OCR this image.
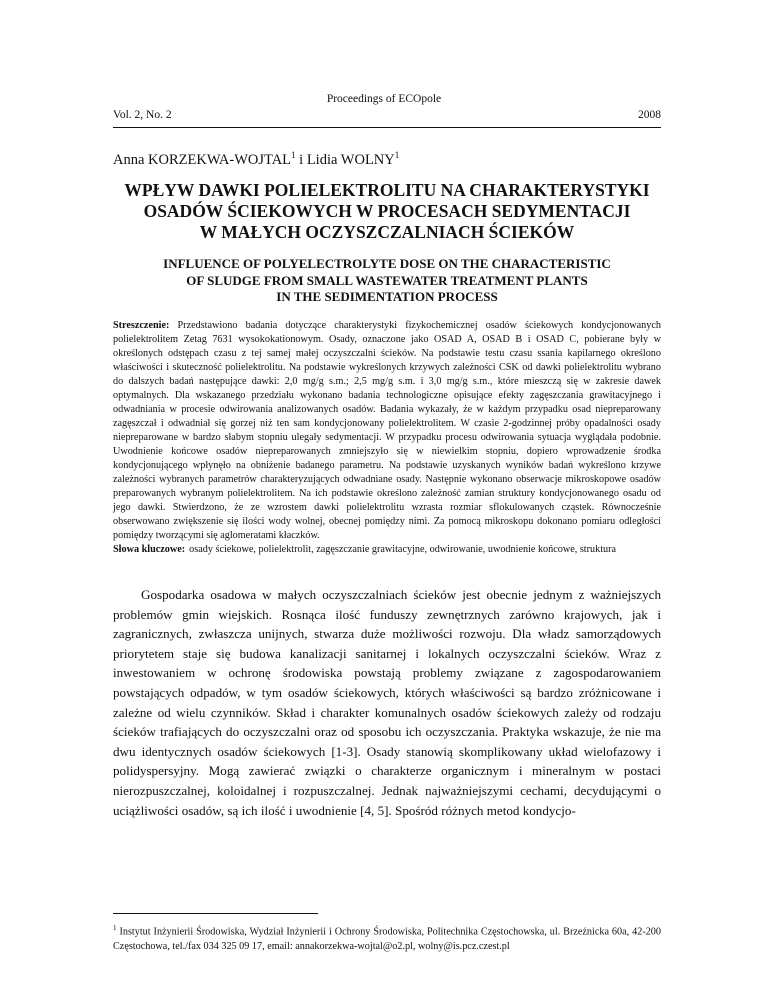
Proceedings of ECOpole
Vol. 2, No. 2	2008
Anna KORZEKWA-WOJTAL$^1$ i Lidia WOLNY$^1$
WPŁYW DAWKI POLIELEKTROLITU NA CHARAKTERYSTYKI
OSADÓW ŚCIEKOWYCH W PROCESACH SEDYMENTACJI
W MAŁYCH OCZYSZCZALNIACH ŚCIEKÓW
INFLUENCE OF POLYELECTROLYTE DOSE ON THE CHARACTERISTIC
OF SLUDGE FROM SMALL WASTEWATER TREATMENT PLANTS
IN THE SEDIMENTATION PROCESS
Streszczenie: Przedstawiono badania dotyczące charakterystyki fizykochemicznej osadów ściekowych kondycjonowanych polielektrolitem Zetag 7631 wysokokationowym. Osady, oznaczone jako OSAD A, OSAD B i OSAD C, pobierane były w określonych odstępach czasu z tej samej małej oczyszczalni ścieków. Na podstawie testu czasu ssania kapilarnego określono właściwości i skuteczność polielektrolitu. Na podstawie wykreślonych krzywych zależności CSK od dawki polielektrolitu wybrano do dalszych badań następujące dawki: 2,0 mg/g s.m.; 2,5 mg/g s.m. i 3,0 mg/g s.m., które mieszczą się w zakresie dawek optymalnych. Dla wskazanego przedziału wykonano badania technologiczne opisujące efekty zagęszczania grawitacyjnego i odwadniania w procesie odwirowania analizowanych osadów. Badania wykazały, że w każdym przypadku osad niepreparowany zagęszczał i odwadniał się gorzej niż ten sam kondycjonowany polielektrolitem. W czasie 2-godzinnej próby opadalności osady niepreparowane w bardzo słabym stopniu ulegały sedymentacji. W przypadku procesu odwirowania sytuacja wyglądała podobnie. Uwodnienie końcowe osadów niepreparowanych zmniejszyło się w niewielkim stopniu, dopiero wprowadzenie środka kondycjonującego wpłynęło na obniżenie badanego parametru. Na podstawie uzyskanych wyników badań wykreślono krzywe zależności wybranych parametrów charakteryzujących odwadniane osady. Następnie wykonano obserwacje mikroskopowe osadów preparowanych wybranym polielektrolitem. Na ich podstawie określono zależność zamian struktury kondycjonowanego osadu od jego dawki. Stwierdzono, że ze wzrostem dawki polielektrolitu wzrasta rozmiar sflokulowanych cząstek. Równocześnie obserwowano zwiększenie się ilości wody wolnej, obecnej pomiędzy nimi. Za pomocą mikroskopu dokonano pomiaru odległości pomiędzy tworzącymi się aglomeratami kłaczków.
Słowa kluczowe: osady ściekowe, polielektrolit, zagęszczanie grawitacyjne, odwirowanie, uwodnienie końcowe, struktura
Gospodarka osadowa w małych oczyszczalniach ścieków jest obecnie jednym z ważniejszych problemów gmin wiejskich. Rosnąca ilość funduszy zewnętrznych zarówno krajowych, jak i zagranicznych, zwłaszcza unijnych, stwarza duże możliwości rozwoju. Dla władz samorządowych priorytetem staje się budowa kanalizacji sanitarnej i lokalnych oczyszczalni ścieków. Wraz z inwestowaniem w ochronę środowiska powstają problemy związane z zagospodarowaniem powstających odpadów, w tym osadów ściekowych, których właściwości są bardzo zróżnicowane i zależne od wielu czynników. Skład i charakter komunalnych osadów ściekowych zależy od rodzaju ścieków trafiających do oczyszczalni oraz od sposobu ich oczyszczania. Praktyka wskazuje, że nie ma dwu identycznych osadów ściekowych [1-3]. Osady stanowią skomplikowany układ wielofazowy i polidyspersyjny. Mogą zawierać związki o charakterze organicznym i mineralnym w postaci nierozpuszczalnej, koloidalnej i rozpuszczalnej. Jednak najważniejszymi cechami, decydującymi o uciążliwości osadów, są ich ilość i uwodnienie [4, 5]. Spośród różnych metod kondycjo-
$^1$ Instytut Inżynierii Środowiska, Wydział Inżynierii i Ochrony Środowiska, Politechnika Częstochowska, ul. Brzeźnicka 60a, 42-200 Częstochowa, tel./fax 034 325 09 17, email: annakorzekwa-wojtal@o2.pl, wolny@is.pcz.czest.pl
